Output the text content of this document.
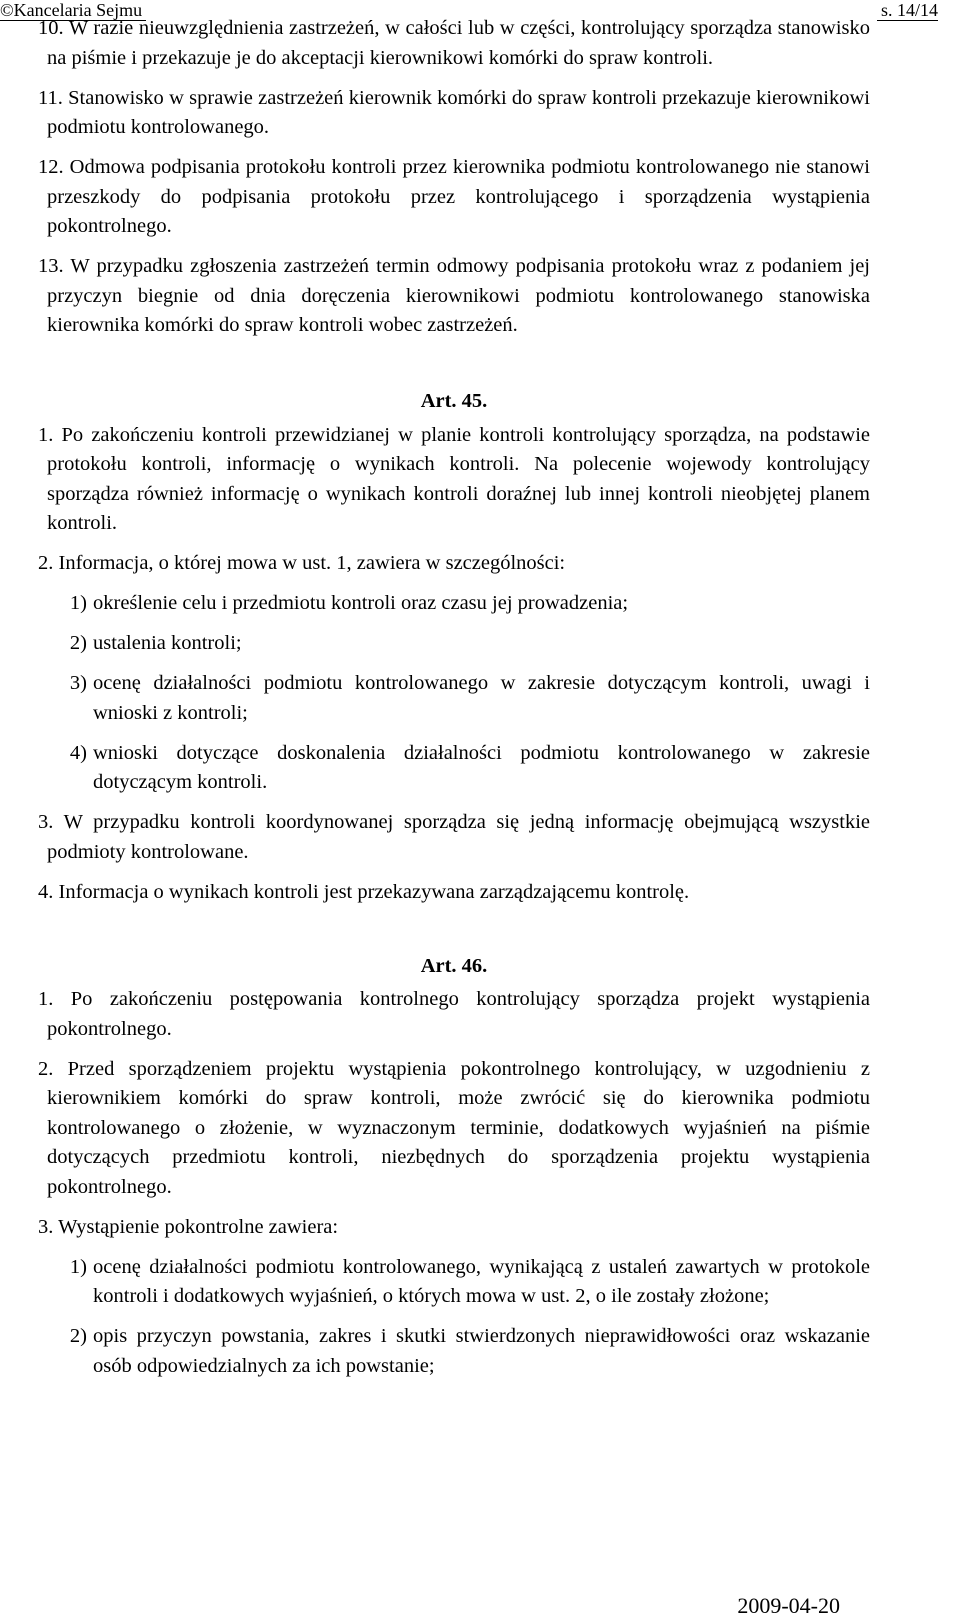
©Kancelaria Sejmu	s. 14/14

10. W razie nieuwzględnienia zastrzeżeń, w całości lub w części, kontrolujący sporządza stanowisko na piśmie i przekazuje je do akceptacji kierownikowi komórki do spraw kontroli.

11. Stanowisko w sprawie zastrzeżeń kierownik komórki do spraw kontroli przekazuje kierownikowi podmiotu kontrolowanego.

12. Odmowa podpisania protokołu kontroli przez kierownika podmiotu kontrolowanego nie stanowi przeszkody do podpisania protokołu przez kontrolującego i sporządzenia wystąpienia pokontrolnego.

13. W przypadku zgłoszenia zastrzeżeń termin odmowy podpisania protokołu wraz z podaniem jej przyczyn biegnie od dnia doręczenia kierownikowi podmiotu kontrolowanego stanowiska kierownika komórki do spraw kontroli wobec zastrzeżeń.

Art. 45.

1. Po zakończeniu kontroli przewidzianej w planie kontroli kontrolujący sporządza, na podstawie protokołu kontroli, informację o wynikach kontroli. Na polecenie wojewody kontrolujący sporządza również informację o wynikach kontroli doraźnej lub innej kontroli nieobjętej planem kontroli.

2. Informacja, o której mowa w ust. 1, zawiera w szczególności:

1) określenie celu i przedmiotu kontroli oraz czasu jej prowadzenia;

2) ustalenia kontroli;

3) ocenę działalności podmiotu kontrolowanego w zakresie dotyczącym kontroli, uwagi i wnioski z kontroli;

4) wnioski dotyczące doskonalenia działalności podmiotu kontrolowanego w zakresie dotyczącym kontroli.

3. W przypadku kontroli koordynowanej sporządza się jedną informację obejmującą wszystkie podmioty kontrolowane.

4. Informacja o wynikach kontroli jest przekazywana zarządzającemu kontrolę.

Art. 46.

1. Po zakończeniu postępowania kontrolnego kontrolujący sporządza projekt wystąpienia pokontrolnego.

2. Przed sporządzeniem projektu wystąpienia pokontrolnego kontrolujący, w uzgodnieniu z kierownikiem komórki do spraw kontroli, może zwrócić się do kierownika podmiotu kontrolowanego o złożenie, w wyznaczonym terminie, dodatkowych wyjaśnień na piśmie dotyczących przedmiotu kontroli, niezbędnych do sporządzenia projektu wystąpienia pokontrolnego.

3. Wystąpienie pokontrolne zawiera:

1) ocenę działalności podmiotu kontrolowanego, wynikającą z ustaleń zawartych w protokole kontroli i dodatkowych wyjaśnień, o których mowa w ust. 2, o ile zostały złożone;

2) opis przyczyn powstania, zakres i skutki stwierdzonych nieprawidłowości oraz wskazanie osób odpowiedzialnych za ich powstanie;

2009-04-20
